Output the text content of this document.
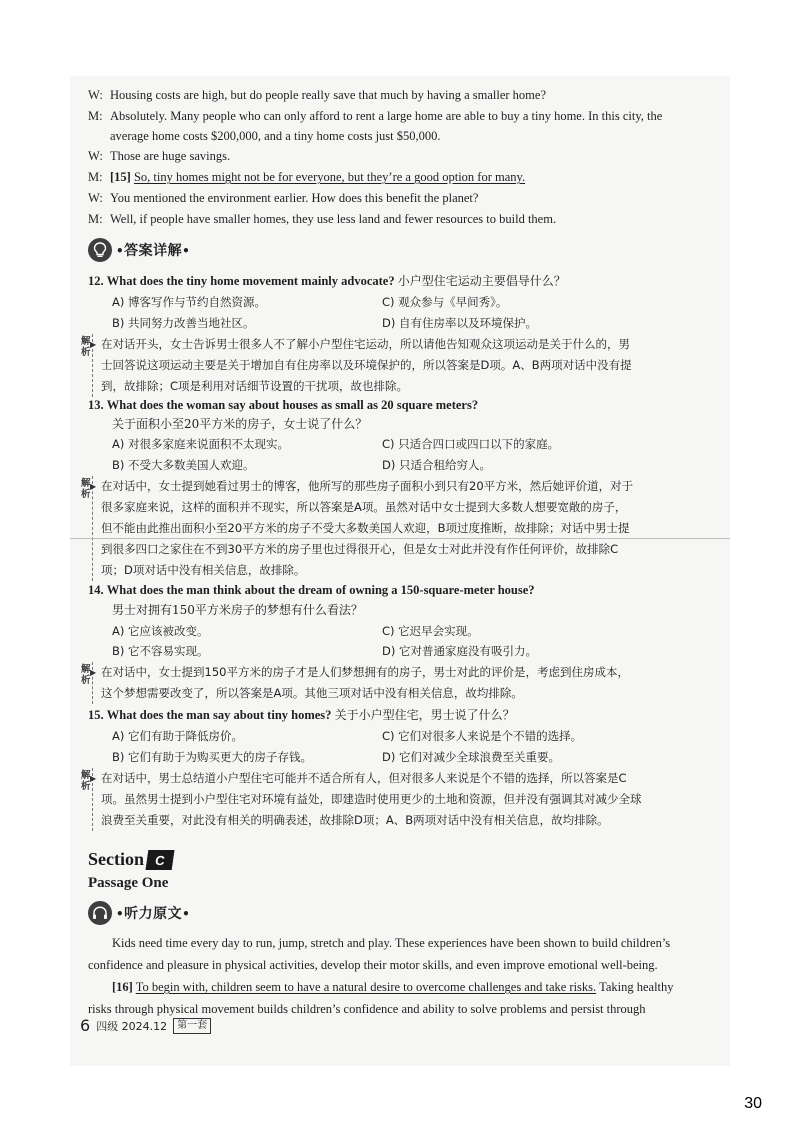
W: Housing costs are high, but do people really save that much by having a smaller home?
M: Absolutely. Many people who can only afford to rent a large home are able to buy a tiny home. In this city, the
average home costs $200,000, and a tiny home costs just $50,000.
W: Those are huge savings.
M: [15] So, tiny homes might not be for everyone, but they’re a good option for many.
W: You mentioned the environment earlier. How does this benefit the planet?
M: Well, if people have smaller homes, they use less land and fewer resources to build them.
•答案详解•
12. What does the tiny home movement mainly advocate? 小户型住宅运动主要倡导什么？
A) 博客写作与节约自然资源。	C) 观众参与《早间秀》。
B) 共同努力改善当地社区。	D) 自有住房率以及环境保护。
解析
▶ 在对话开头，女士告诉男士很多人不了解小户型住宅运动，所以请他告知观众这项运动是关于什么的，男
士回答说这项运动主要是关于增加自有住房率以及环境保护的，所以答案是D项。A、B两项对话中没有提
到，故排除；C项是利用对话细节设置的干扰项，故也排除。
13. What does the woman say about houses as small as 20 square meters?
关于面积小至20平方米的房子，女士说了什么？
A) 对很多家庭来说面积不太现实。	C) 只适合四口或四口以下的家庭。
B) 不受大多数美国人欢迎。	D) 只适合租给穷人。
解析
▶ 在对话中，女士提到她看过男士的博客，他所写的那些房子面积小到只有20平方米，然后她评价道，对于
很多家庭来说，这样的面积并不现实，所以答案是A项。虽然对话中女士提到大多数人想要宽敞的房子，
但不能由此推出面积小至20平方米的房子不受大多数美国人欢迎，B项过度推断，故排除；对话中男士提
到很多四口之家住在不到30平方米的房子里也过得很开心，但是女士对此并没有作任何评价，故排除C
项；D项对话中没有相关信息，故排除。
14. What does the man think about the dream of owning a 150-square-meter house?
男士对拥有150平方米房子的梦想有什么看法？
A) 它应该被改变。	C) 它迟早会实现。
B) 它不容易实现。	D) 它对普通家庭没有吸引力。
解析
▶ 在对话中，女士提到150平方米的房子才是人们梦想拥有的房子，男士对此的评价是，考虑到住房成本，
这个梦想需要改变了，所以答案是A项。其他三项对话中没有相关信息，故均排除。
15. What does the man say about tiny homes? 关于小户型住宅，男士说了什么？
A) 它们有助于降低房价。	C) 它们对很多人来说是个不错的选择。
B) 它们有助于为购买更大的房子存钱。	D) 它们对减少全球浪费至关重要。
解析
▶ 在对话中，男士总结道小户型住宅可能并不适合所有人，但对很多人来说是个不错的选择，所以答案是C
项。虽然男士提到小户型住宅对环境有益处，即建造时使用更少的土地和资源，但并没有强调其对减少全球
浪费至关重要，对此没有相关的明确表述，故排除D项；A、B两项对话中没有相关信息，故均排除。
Section C
Passage One
•听力原文•
Kids need time every day to run, jump, stretch and play. These experiences have been shown to build children’s
confidence and pleasure in physical activities, develop their motor skills, and even improve emotional well-being.
[16] To begin with, children seem to have a natural desire to overcome challenges and take risks. Taking healthy
risks through physical movement builds children’s confidence and ability to solve problems and persist through
6 四级 2024.12	第一套
30
